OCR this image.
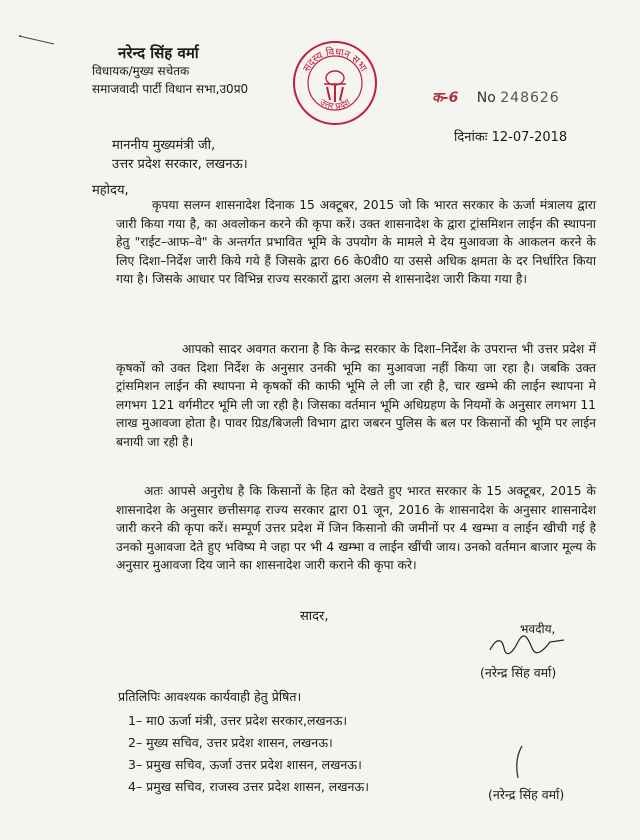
नरेन्द सिंह वर्मा
विधायक/मुख्य सचेतक
समाजवादी पार्टी विधान सभा,उ0प्र0
सदस्य विधान सभा
उत्तर प्रदेश	क-6 No 248626
दिनांकः 12-07-2018
माननीय मुख्यमंत्री जी,
उत्तर प्रदेश सरकार, लखनऊ।
महोदय,
कृपया सलग्न शासनादेश दिनाक 15 अक्टूबर, 2015 जो कि भारत सरकार के ऊर्जा मंत्रालय द्वारा जारी किया गया है, का अवलोकन करने की कृपा करें। उक्त शासनादेश के द्वारा ट्रांसमिशन लाईन की स्थापना हेतु "राईट–आफ–वे" के अन्तर्गत प्रभावित भूमि के उपयोग के मामले मे देय मुआवजा के आकलन करने के लिए दिशा–निर्देश जारी किये गये हैं जिसके द्वारा 66 के0वी0 या उससे अधिक क्षमता के दर निर्धारित किया गया है। जिसके आधार पर विभिन्न राज्य सरकारों द्वारा अलग से शासनादेश जारी किया गया है।
आपको सादर अवगत कराना है कि केन्द्र सरकार के दिशा–निर्देश के उपरान्त भी उत्तर प्रदेश में कृषकों को उक्त दिशा निर्देश के अनुसार उनकी भूमि का मुआवजा नहीं किया जा रहा है। जबकि उक्त ट्रांसमिशन लाईन की स्थापना मे कृषकों की काफी भूमि ले ली जा रही है, चार खम्भे की लाईन स्थापना मे लगभग 121 वर्गमीटर भूमि ली जा रही है। जिसका वर्तमान भूमि अधिग्रहण के नियमों के अनुसार लगभग 11 लाख मुआवजा होता है। पावर ग्रिड/बिजली विभाग द्वारा जबरन पुलिस के बल पर किसानों की भूमि पर लाईन बनायी जा रही है।
अतः आपसे अनुरोध है कि किसानों के हित को देखते हुए भारत सरकार के 15 अक्टूबर, 2015 के शासनादेश के अनुसार छत्तीसगढ़ राज्य सरकार द्वारा 01 जून, 2016 के शासनादेश के अनुसार शासनादेश जारी करने की कृपा करें। सम्पूर्ण उत्तर प्रदेश में जिन किसानो की जमीनों पर 4 खम्भा व लाईन खीची गई है उनको मुआवजा देते हुए भविष्य मे जहा पर भी 4 खम्भा व लाईन खींची जाय। उनको वर्तमान बाजार मूल्य के अनुसार मुआवजा दिय जाने का शासनादेश जारी कराने की कृपा करे।
सादर,
भवदीय,
(नरेन्द्र सिंह वर्मा)
प्रतिलिपिः आवश्यक कार्यवाही हेतु प्रेषित।
1– मा0 ऊर्जा मंत्री, उत्तर प्रदेश सरकार,लखनऊ।
2– मुख्य सचिव, उत्तर प्रदेश शासन, लखनऊ।
3– प्रमुख सचिव, ऊर्जा उत्तर प्रदेश शासन, लखनऊ।
4– प्रमुख सचिव, राजस्व उत्तर प्रदेश शासन, लखनऊ।
(नरेन्द्र सिंह वर्मा)
